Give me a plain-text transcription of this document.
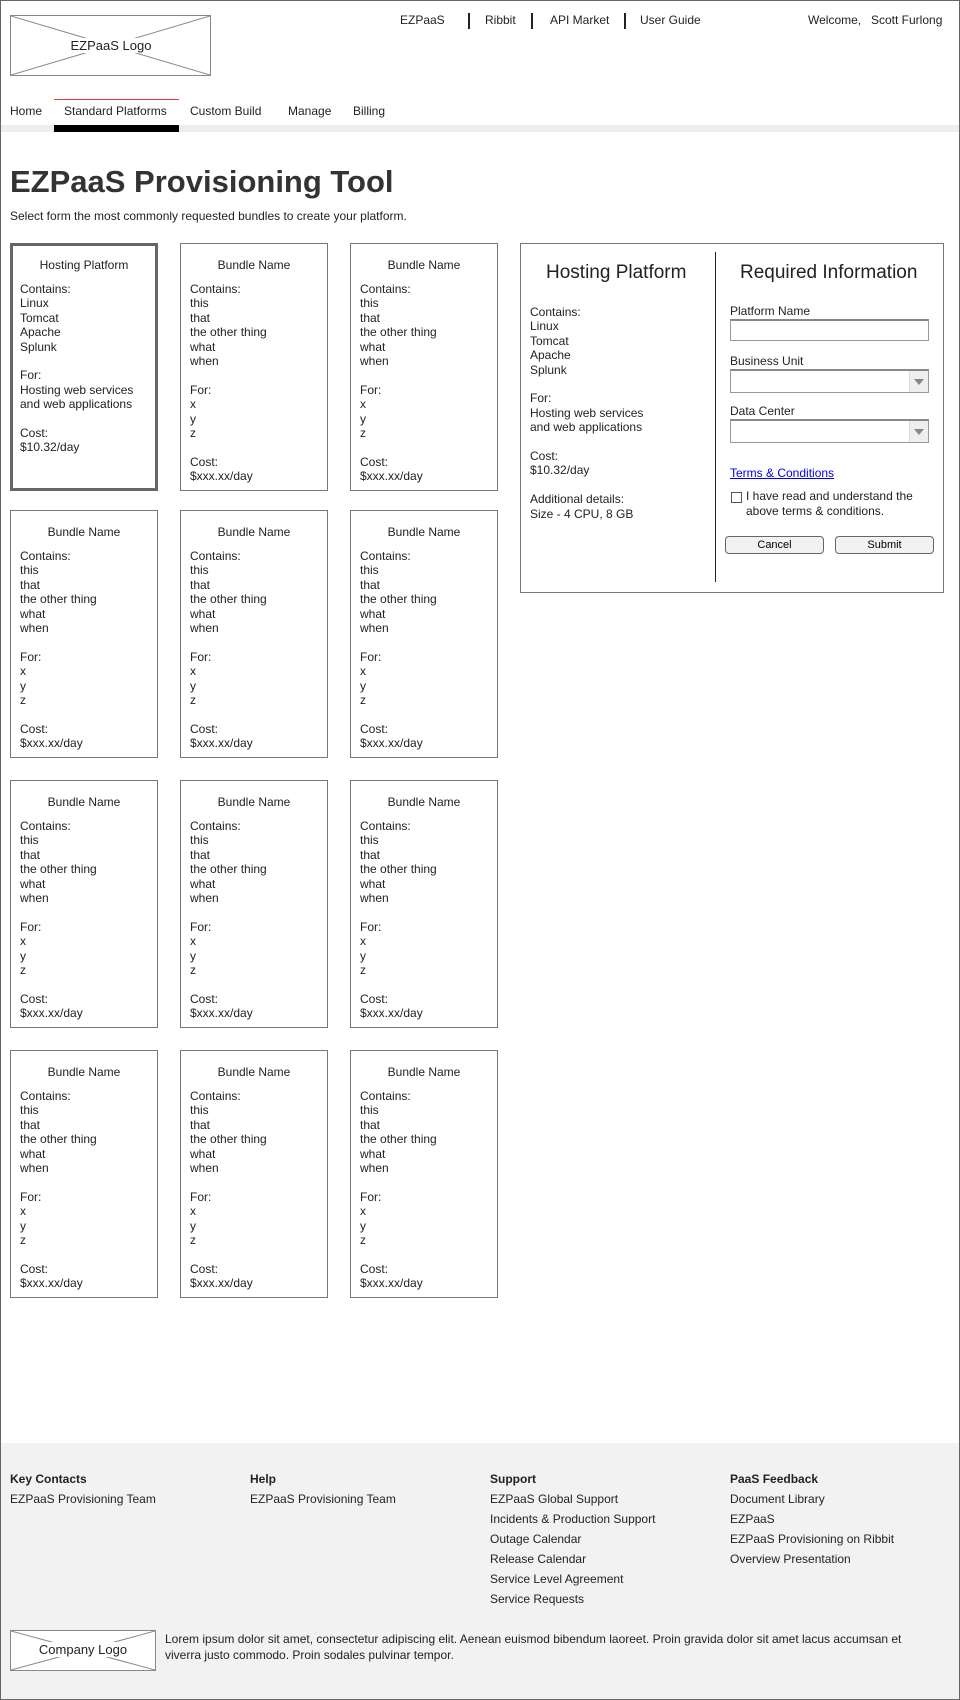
EZPaaS Logo
EZPaaS	Ribbit	API Market	User Guide	Welcome, Scott Furlong
Home Standard Platforms Custom Build Manage Billing
EZPaaS Provisioning Tool
Select form the most commonly requested bundles to create your platform.
Hosting Platform
Contains:
Linux
Tomcat
Apache
Splunk

For:
Hosting web services
and web applications

Cost:
$10.32/day
Bundle Name
Contains:
this
that
the other thing
what
when

For:
x
y
z

Cost:
$xxx.xx/day
Bundle Name
Contains:
this
that
the other thing
what
when

For:
x
y
z

Cost:
$xxx.xx/day
Bundle Name
Contains:
this
that
the other thing
what
when

For:
x
y
z

Cost:
$xxx.xx/day
Bundle Name
Contains:
this
that
the other thing
what
when

For:
x
y
z

Cost:
$xxx.xx/day
Bundle Name
Contains:
this
that
the other thing
what
when

For:
x
y
z

Cost:
$xxx.xx/day
Bundle Name
Contains:
this
that
the other thing
what
when

For:
x
y
z

Cost:
$xxx.xx/day
Bundle Name
Contains:
this
that
the other thing
what
when

For:
x
y
z

Cost:
$xxx.xx/day
Bundle Name
Contains:
this
that
the other thing
what
when

For:
x
y
z

Cost:
$xxx.xx/day
Bundle Name
Contains:
this
that
the other thing
what
when

For:
x
y
z

Cost:
$xxx.xx/day
Bundle Name
Contains:
this
that
the other thing
what
when

For:
x
y
z

Cost:
$xxx.xx/day
Bundle Name
Contains:
this
that
the other thing
what
when

For:
x
y
z

Cost:
$xxx.xx/day
Hosting Platform
Contains:
Linux
Tomcat
Apache
Splunk

For:
Hosting web services
and web applications

Cost:
$10.32/day

Additional details:
Size - 4 CPU, 8 GB
Required Information
Platform Name
Business Unit
Data Center
Terms & Conditions
I have read and understand the above terms & conditions.
Cancel	Submit
Key Contacts
EZPaaS Provisioning Team
Help
EZPaaS Provisioning Team
Support
EZPaaS Global Support
Incidents & Production Support
Outage Calendar
Release Calendar
Service Level Agreement
Service Requests
PaaS Feedback
Document Library
EZPaaS
EZPaaS Provisioning on Ribbit
Overview Presentation
Company Logo
Lorem ipsum dolor sit amet, consectetur adipiscing elit. Aenean euismod bibendum laoreet. Proin gravida dolor sit amet lacus accumsan et viverra justo commodo. Proin sodales pulvinar tempor.
